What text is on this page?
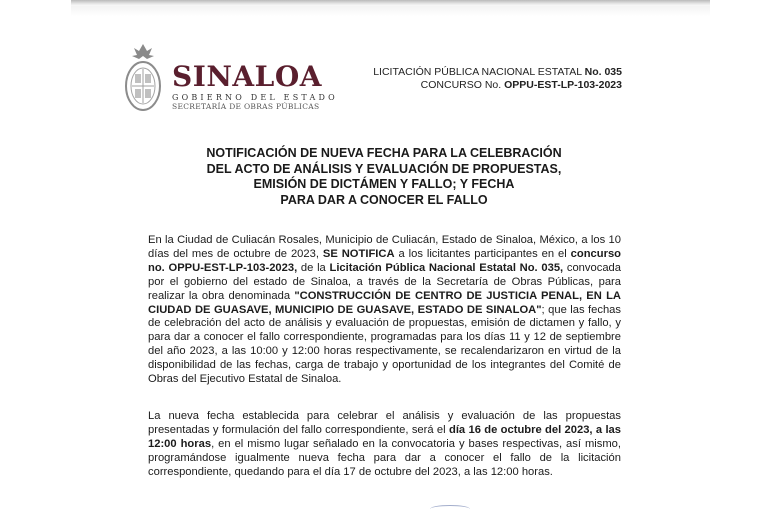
SINALOA
GOBIERNO DEL ESTADO
SECRETARÍA DE OBRAS PÚBLICAS
LICITACIÓN PÚBLICA NACIONAL ESTATAL No. 035
CONCURSO No. OPPU-EST-LP-103-2023
NOTIFICACIÓN DE NUEVA FECHA PARA LA CELEBRACIÓN
DEL ACTO DE ANÁLISIS Y EVALUACIÓN DE PROPUESTAS,
EMISIÓN DE DICTÁMEN Y FALLO; Y FECHA
PARA DAR A CONOCER EL FALLO
En la Ciudad de Culiacán Rosales, Municipio de Culiacán, Estado de Sinaloa, México, a los 10 días del mes de octubre de 2023, SE NOTIFICA a los licitantes participantes en el concurso no. OPPU-EST-LP-103-2023, de la Licitación Pública Nacional Estatal No. 035, convocada por el gobierno del estado de Sinaloa, a través de la Secretaría de Obras Públicas, para realizar la obra denominada "CONSTRUCCIÓN DE CENTRO DE JUSTICIA PENAL, EN LA CIUDAD DE GUASAVE, MUNICIPIO DE GUASAVE, ESTADO DE SINALOA"; que las fechas de celebración del acto de análisis y evaluación de propuestas, emisión de dictamen y fallo, y para dar a conocer el fallo correspondiente, programadas para los días 11 y 12 de septiembre del año 2023, a las 10:00 y 12:00 horas respectivamente, se recalendarizaron en virtud de la disponibilidad de las fechas, carga de trabajo y oportunidad de los integrantes del Comité de Obras del Ejecutivo Estatal de Sinaloa.
La nueva fecha establecida para celebrar el análisis y evaluación de las propuestas presentadas y formulación del fallo correspondiente, será el día 16 de octubre del 2023, a las 12:00 horas, en el mismo lugar señalado en la convocatoria y bases respectivas, así mismo, programándose igualmente nueva fecha para dar a conocer el fallo de la licitación correspondiente, quedando para el día 17 de octubre del 2023, a las 12:00 horas.
